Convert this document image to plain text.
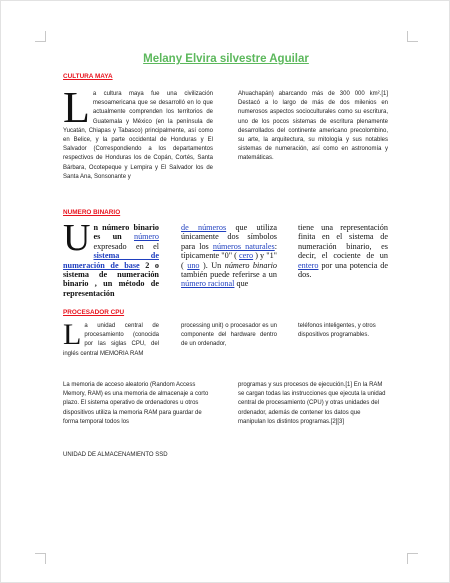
Melany Elvira silvestre Aguilar
CULTURA MAYA
L a cultura maya fue una civilización mesoamericana que se desarrolló en lo que actualmente comprenden los territorios de Guatemala y México (en la península de Yucatán, Chiapas y Tabasco) principalmente, así como en Belice, y la parte occidental de Honduras y El Salvador (Correspondiendo a los departamentos respectivos de Honduras los de Copán, Cortés, Santa Bárbara, Ocotepeque y Lempira y El Salvador los de Santa Ana, Sonsonante y
Ahuachapán) abarcando más de 300 000 km².[1] Destacó a lo largo de más de dos milenios en numerosos aspectos socioculturales como su escritura, uno de los pocos sistemas de escritura plenamente desarrollados del continente americano precolombino, su arte, la arquitectura, su mitología y sus notables sistemas de numeración, así como en astronomía y matemáticas.
NUMERO BINARIO
U n número binario es un número expresado en el sistema de numeración de base 2 o sistema de numeración binario , un método de representación
de números que utiliza únicamente dos símbolos para los números naturales: típicamente "0" ( cero ) y "1" ( uno ). Un número binario también puede referirse a un número racional que
tiene una representación finita en el sistema de numeración binario, es decir, el cociente de un entero por una potencia de dos.
PROCESADOR CPU
L a unidad central de procesamiento (conocida por las siglas CPU, del inglés central MEMORIA RAM
processing unit) o procesador es un componente del hardware dentro de un ordenador,
teléfonos inteligentes, y otros dispositivos programables.
La memoria de acceso aleatorio (Random Access Memory, RAM) es una memoria de almacenaje a corto plazo. El sistema operativo de ordenadores u otros dispositivos utiliza la memoria RAM para guardar de forma temporal todos los
programas y sus procesos de ejecución.[1] En la RAM se cargan todas las instrucciones que ejecuta la unidad central de procesamiento (CPU) y otras unidades del ordenador, además de contener los datos que manipulan los distintos programas.[2][3]
UNIDAD DE ALMACENAMIENTO SSD
